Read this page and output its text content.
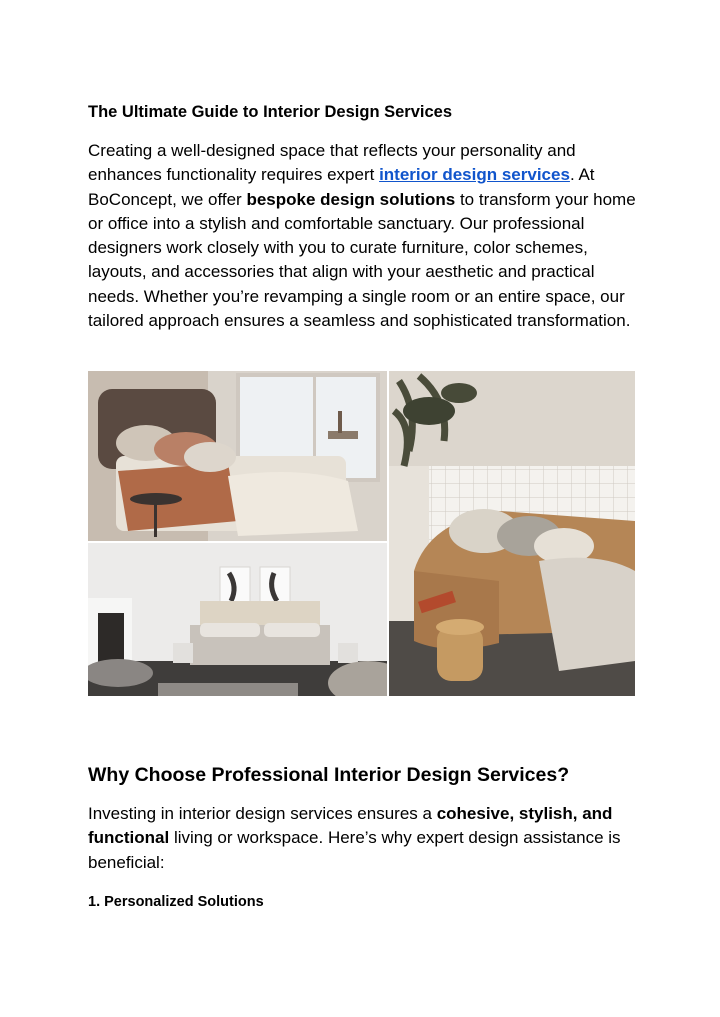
The Ultimate Guide to Interior Design Services
Creating a well-designed space that reflects your personality and enhances functionality requires expert interior design services. At BoConcept, we offer bespoke design solutions to transform your home or office into a stylish and comfortable sanctuary. Our professional designers work closely with you to curate furniture, color schemes, layouts, and accessories that align with your aesthetic and practical needs. Whether you’re revamping a single room or an entire space, our tailored approach ensures a seamless and sophisticated transformation.
Why Choose Professional Interior Design Services?
Investing in interior design services ensures a cohesive, stylish, and functional living or workspace. Here’s why expert design assistance is beneficial:
1. Personalized Solutions
